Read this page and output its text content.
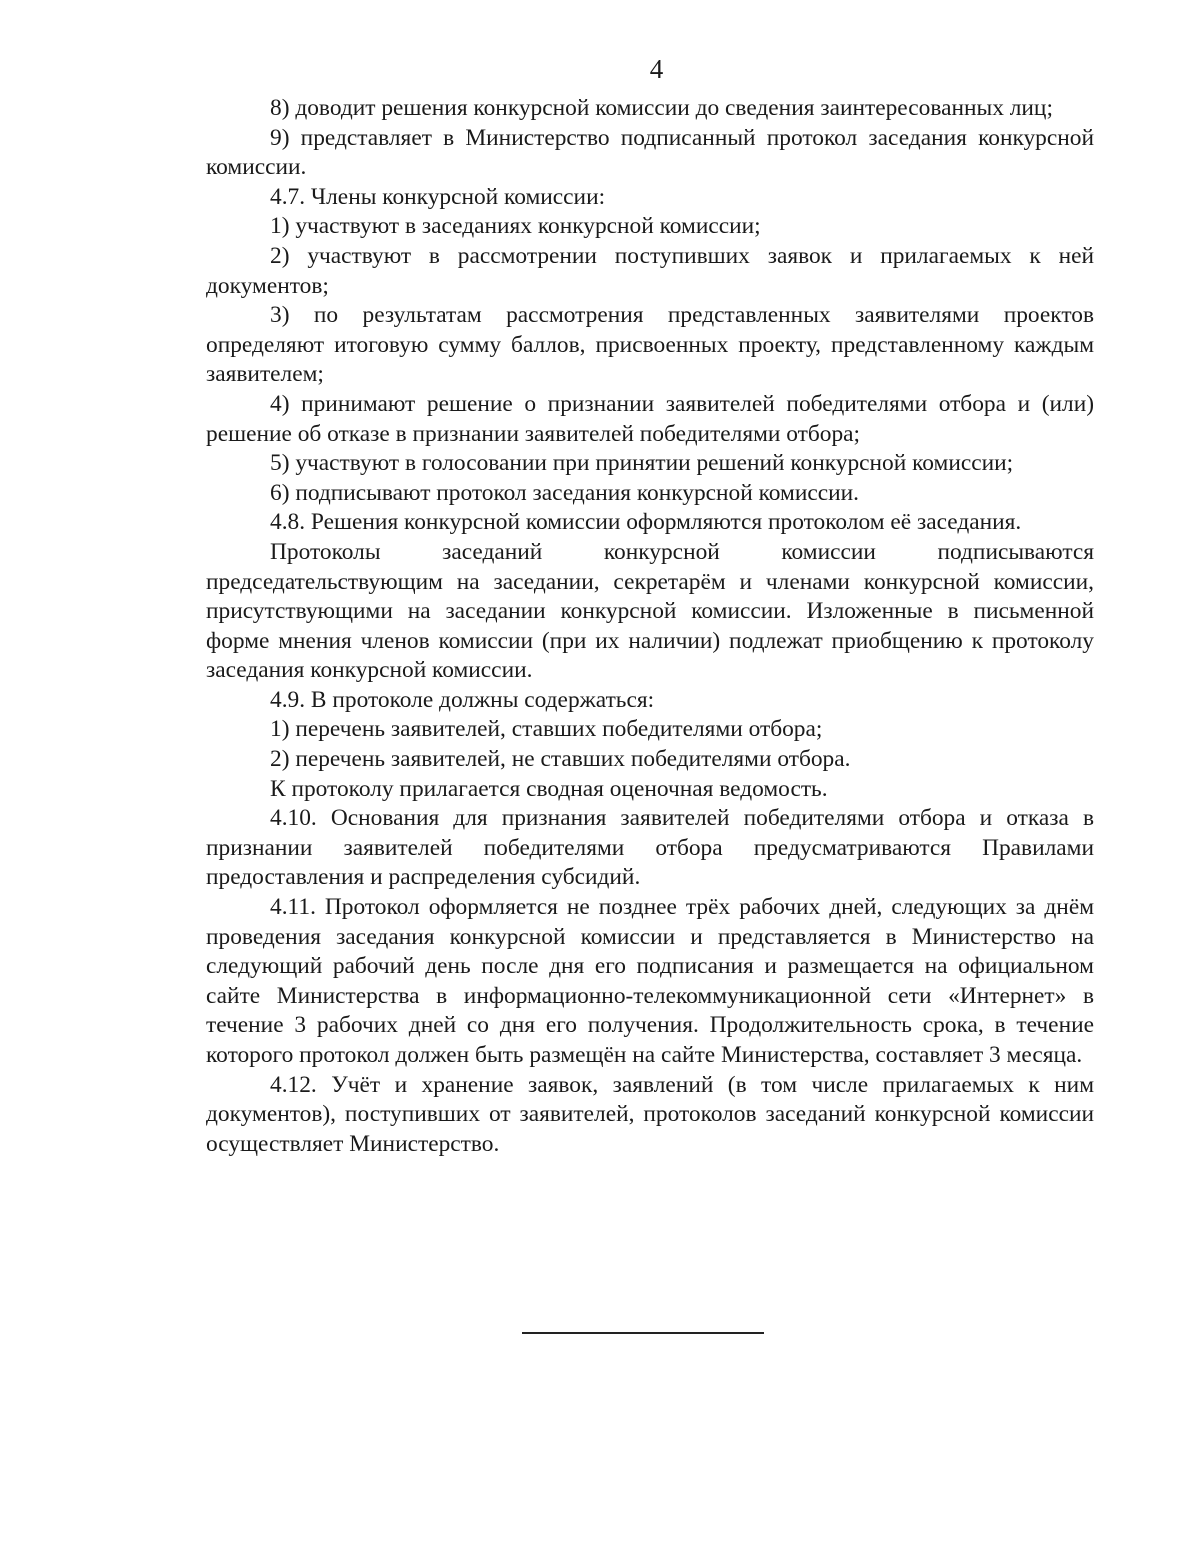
4

8) доводит решения конкурсной комиссии до сведения заинтересованных лиц;

9) представляет в Министерство подписанный протокол заседания конкурсной комиссии.

4.7. Члены конкурсной комиссии:

1) участвуют в заседаниях конкурсной комиссии;

2) участвуют в рассмотрении поступивших заявок и прилагаемых к ней документов;

3) по результатам рассмотрения представленных заявителями проектов определяют итоговую сумму баллов, присвоенных проекту, представленному каждым заявителем;

4) принимают решение о признании заявителей победителями отбора и (или) решение об отказе в признании заявителей победителями отбора;

5) участвуют в голосовании при принятии решений конкурсной комиссии;

6) подписывают протокол заседания конкурсной комиссии.

4.8. Решения конкурсной комиссии оформляются протоколом её заседания.

Протоколы заседаний конкурсной комиссии подписываются председательствующим на заседании, секретарём и членами конкурсной комиссии, присутствующими на заседании конкурсной комиссии. Изложенные в письменной форме мнения членов комиссии (при их наличии) подлежат приобщению к протоколу заседания конкурсной комиссии.

4.9. В протоколе должны содержаться:

1) перечень заявителей, ставших победителями отбора;

2) перечень заявителей, не ставших победителями отбора.

К протоколу прилагается сводная оценочная ведомость.

4.10. Основания для признания заявителей победителями отбора и отказа в признании заявителей победителями отбора предусматриваются Правилами предоставления и распределения субсидий.

4.11. Протокол оформляется не позднее трёх рабочих дней, следующих за днём проведения заседания конкурсной комиссии и представляется в Министерство на следующий рабочий день после дня его подписания и размещается на официальном сайте Министерства в информационно-телекоммуникационной сети «Интернет» в течение 3 рабочих дней со дня его получения. Продолжительность срока, в течение которого протокол должен быть размещён на сайте Министерства, составляет 3 месяца.

4.12. Учёт и хранение заявок, заявлений (в том числе прилагаемых к ним документов), поступивших от заявителей, протоколов заседаний конкурсной комиссии осуществляет Министерство.
